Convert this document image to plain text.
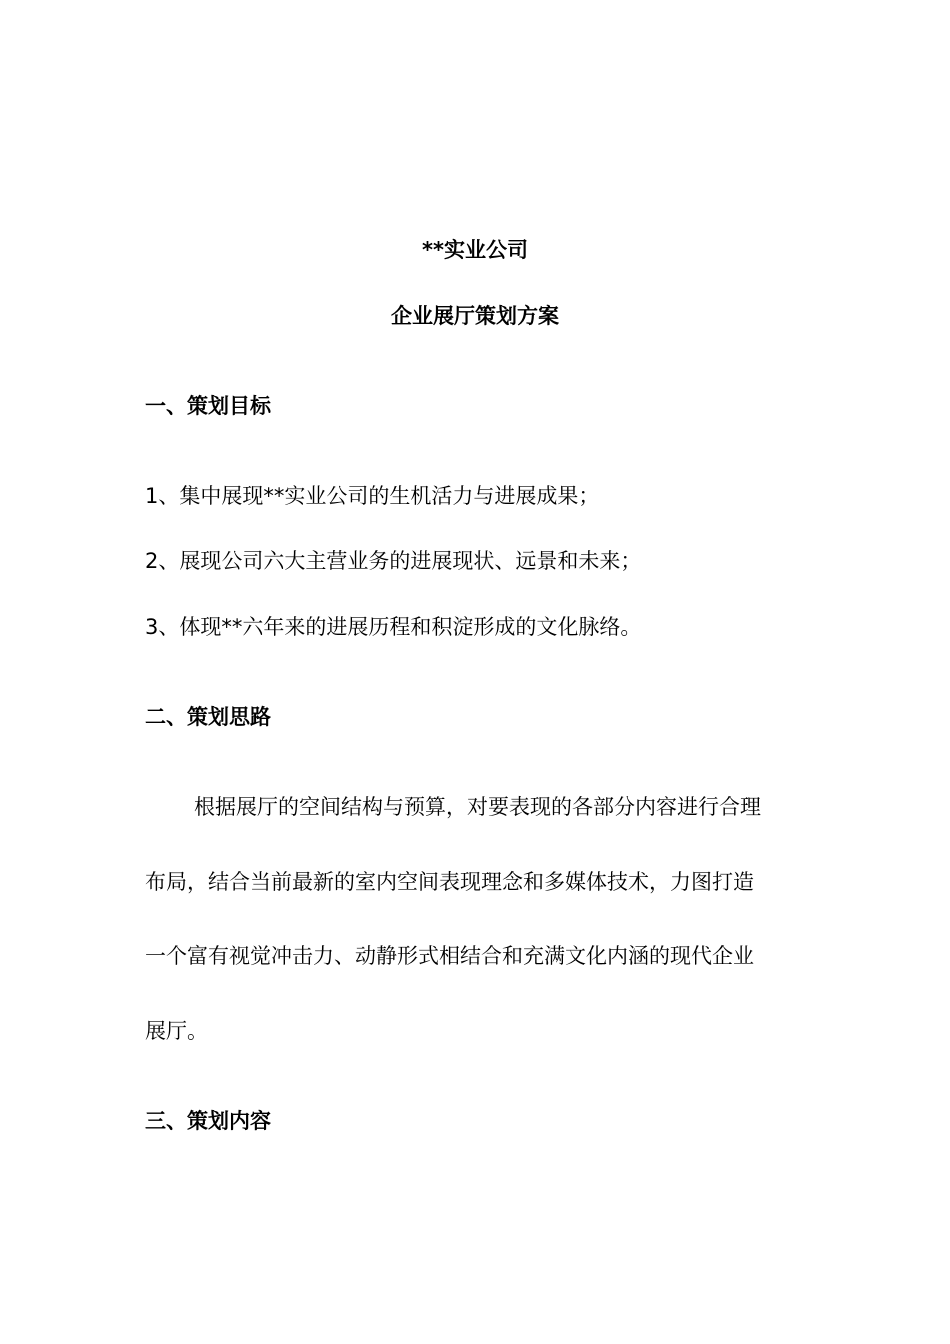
**实业公司
企业展厅策划方案
一、策划目标
1、集中展现**实业公司的生机活力与进展成果；
2、展现公司六大主营业务的进展现状、远景和未来；
3、体现**六年来的进展历程和积淀形成的文化脉络。
二、策划思路
根据展厅的空间结构与预算，对要表现的各部分内容进行合理
布局，结合当前最新的室内空间表现理念和多媒体技术，力图打造
一个富有视觉冲击力、动静形式相结合和充满文化内涵的现代企业
展厅。
三、策划内容
